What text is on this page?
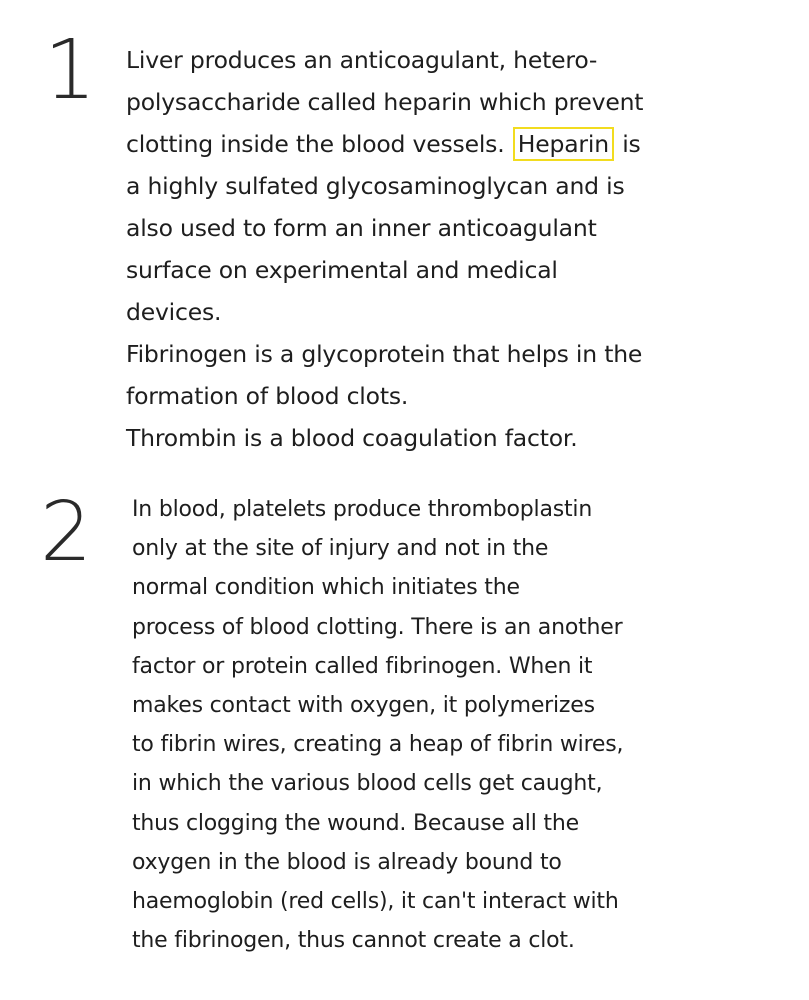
1 Liver produces an anticoagulant, hetero-
polysaccharide called heparin which prevent
clotting inside the blood vessels. Heparin is
a highly sulfated glycosaminoglycan and is
also used to form an inner anticoagulant
surface on experimental and medical
devices.
Fibrinogen is a glycoprotein that helps in the
formation of blood clots.
Thrombin is a blood coagulation factor.
2 In blood, platelets produce thromboplastin
only at the site of injury and not in the
normal condition which initiates the
process of blood clotting. There is an another
factor or protein called fibrinogen. When it
makes contact with oxygen, it polymerizes
to fibrin wires, creating a heap of fibrin wires,
in which the various blood cells get caught,
thus clogging the wound. Because all the
oxygen in the blood is already bound to
haemoglobin (red cells), it can't interact with
the fibrinogen, thus cannot create a clot.
